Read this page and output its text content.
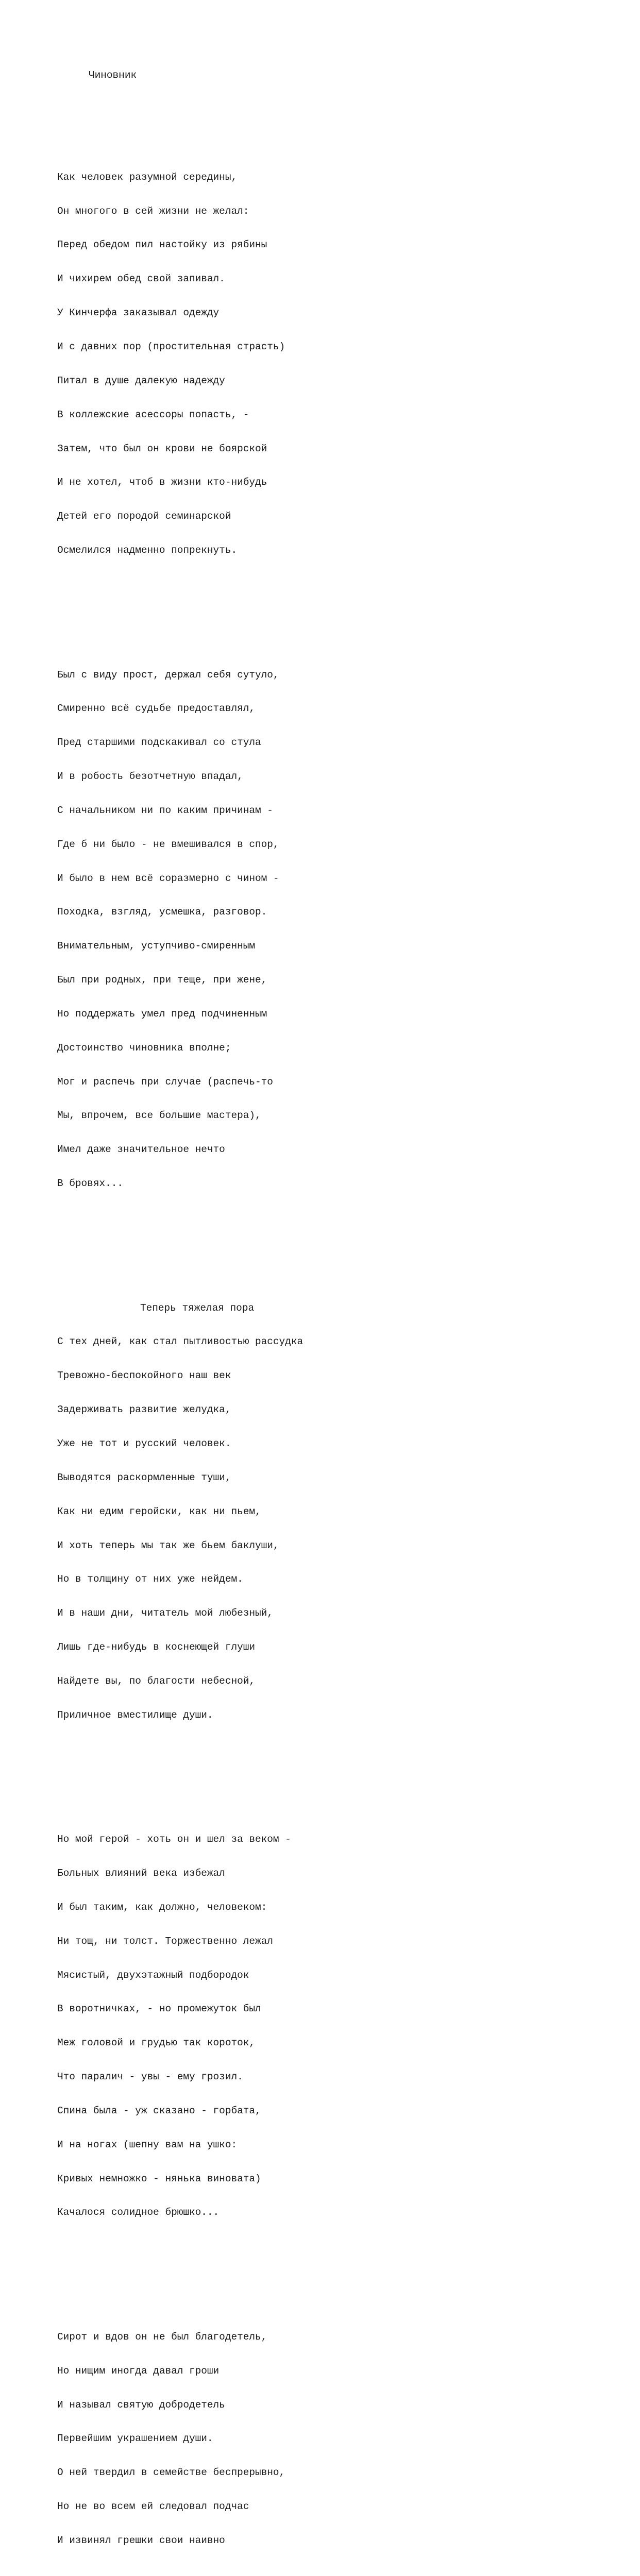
Чиновник

Как человек разумной середины,

Он многого в сей жизни не желал:

Перед обедом пил настойку из рябины

И чихирем обед свой запивал.

У Кинчерфа заказывал одежду

И с давних пор (простительная страсть)

Питал в душе далекую надежду

В коллежские асессоры попасть, -

Затем, что был он крови не боярской

И не хотел, чтоб в жизни кто-нибудь

Детей его породой семинарской

Осмелился надменно попрекнуть.

Был с виду прост, держал себя сутуло,

Смиренно всё судьбе предоставлял,

Пред старшими подскакивал со стула

И в робость безотчетную впадал,

С начальником ни по каким причинам -

Где б ни было - не вмешивался в спор,

И было в нем всё соразмерно с чином -

Походка, взгляд, усмешка, разговор.

Внимательным, уступчиво-смиренным

Был при родных, при теще, при жене,

Но поддержать умел пред подчиненным

Достоинство чиновника вполне;

Мог и распечь при случае (распечь-то

Мы, впрочем, все большие мастера),

Имел даже значительное нечто

В бровях...

Теперь тяжелая пора

С тех дней, как стал пытливостью рассудка

Тревожно-беспокойного наш век

Задерживать развитие желудка,

Уже не тот и русский человек.

Выводятся раскормленные туши,

Как ни едим геройски, как ни пьем,

И хоть теперь мы так же бьем баклуши,

Но в толщину от них уже нейдем.

И в наши дни, читатель мой любезный,

Лишь где-нибудь в коснеющей глуши

Найдете вы, по благости небесной,

Приличное вместилище души.

Но мой герой - хоть он и шел за веком -

Больных влияний века избежал

И был таким, как должно, человеком:

Ни тощ, ни толст. Торжественно лежал

Мясистый, двухэтажный подбородок

В воротничках, - но промежуток был

Меж головой и грудью так короток,

Что паралич - увы - ему грозил.

Спина была - уж сказано - горбата,

И на ногах (шепну вам на ушко:

Кривых немножко - нянька виновата)

Качалося солидное брюшко...

Сирот и вдов он не был благодетель,

Но нищим иногда давал гроши

И называл святую добродетель

Первейшим украшением души.

О ней твердил в семействе беспрерывно,

Но не во всем ей следовал подчас

И извинял грешки свои наивно
